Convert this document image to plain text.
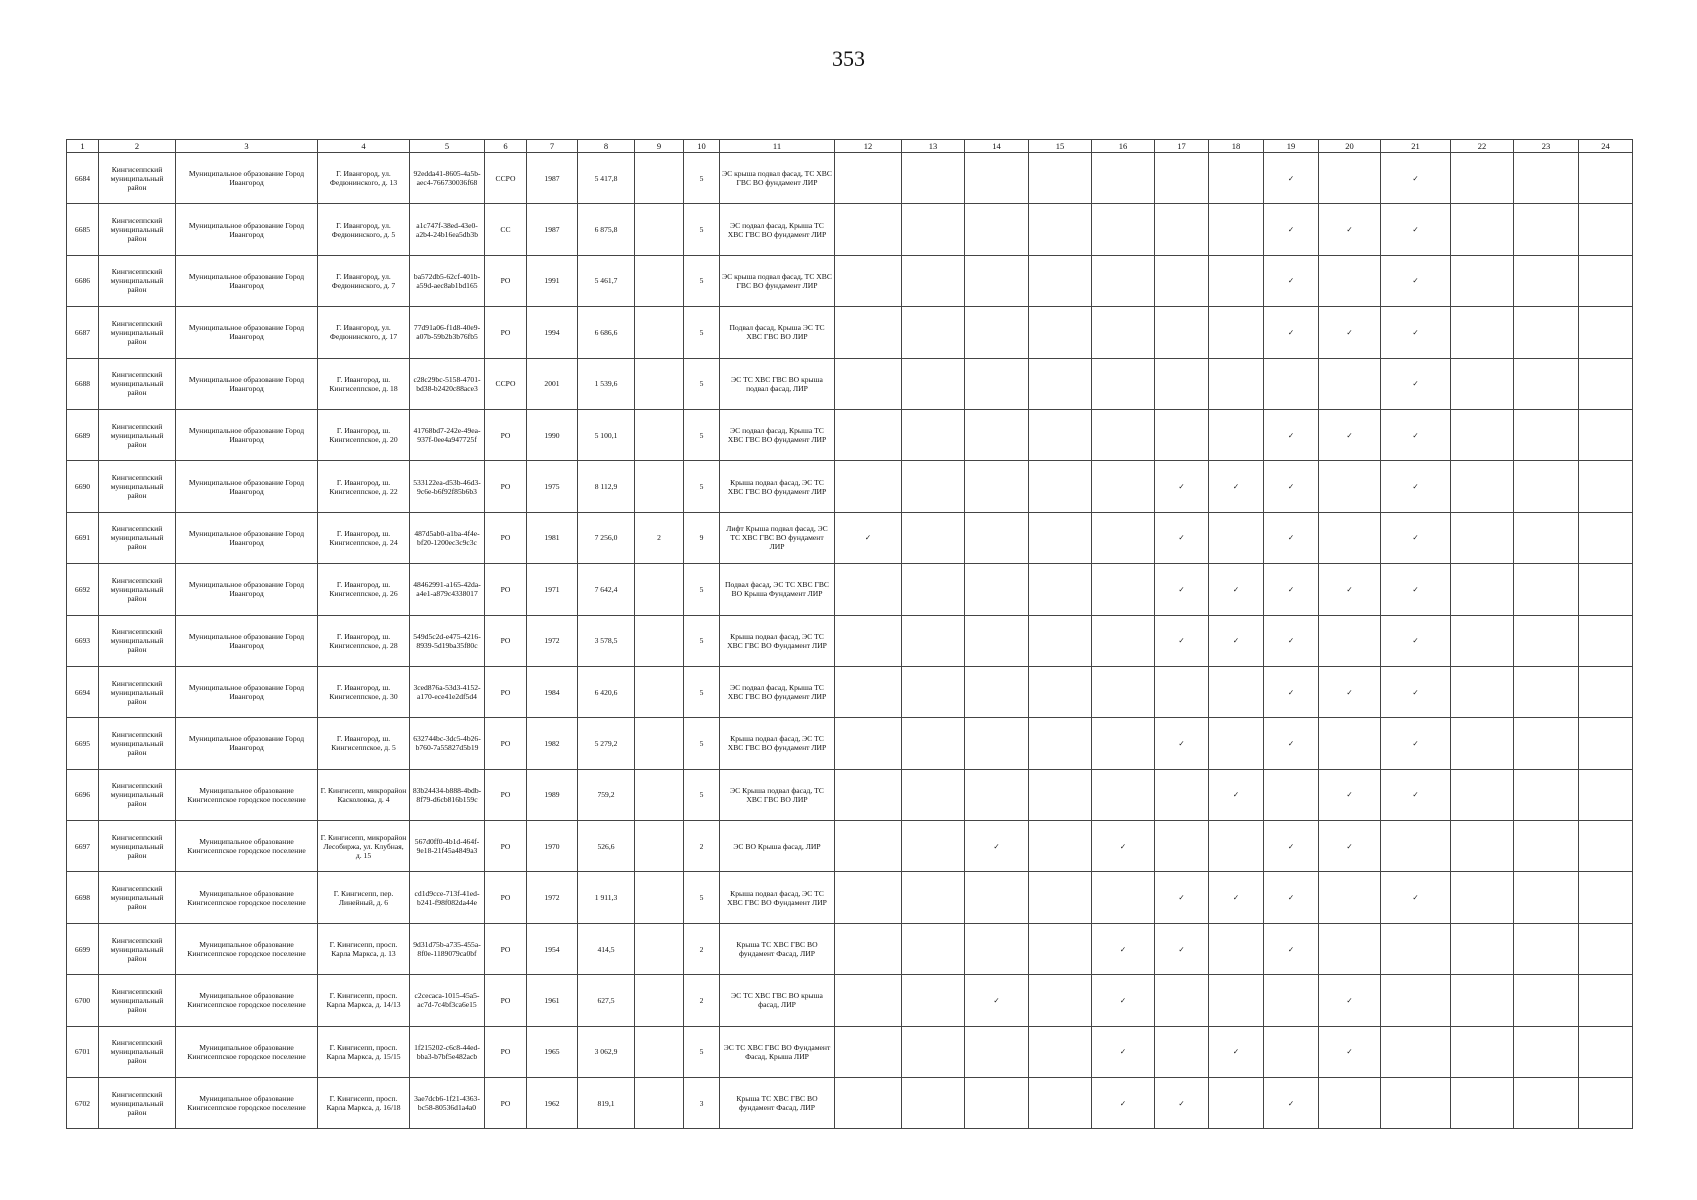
353
1	2	3	4	5	6	7	8	9	10	11	12	13	14	15	16	17	18	19	20	21	22	23	24
6684	Кингисеппский муниципальный район	Муниципальное образование Город Ивангород	Г. Ивангород, ул. Федюнинского, д. 13	92edda41-8605-4a5b-aec4-766730036f68	ССРО	1987	5 417,8		5	ЭС крыша подвал фасад, ТС ХВС ГВС ВО фундамент ЛИР								✓		✓			
6685	Кингисеппский муниципальный район	Муниципальное образование Город Ивангород	Г. Ивангород, ул. Федюнинского, д. 5	a1c747f-38ed-43e0-a2b4-24b16ea5db3b	СС	1987	6 875,8		5	ЭС подвал фасад, Крыша ТС ХВС ГВС ВО фундамент ЛИР								✓	✓	✓			
6686	Кингисеппский муниципальный район	Муниципальное образование Город Ивангород	Г. Ивангород, ул. Федюнинского, д. 7	ba572db5-62cf-401b-a59d-aec8ab1bd165	РО	1991	5 461,7		5	ЭС крыша подвал фасад, ТС ХВС ГВС ВО фундамент ЛИР								✓		✓			
6687	Кингисеппский муниципальный район	Муниципальное образование Город Ивангород	Г. Ивангород, ул. Федюнинского, д. 17	77d91a06-f1d8-40e9-a07b-59b2b3b76fb5	РО	1994	6 686,6		5	Подвал фасад, Крыша ЭС ТС ХВС ГВС ВО ЛИР								✓	✓	✓			
6688	Кингисеппский муниципальный район	Муниципальное образование Город Ивангород	Г. Ивангород, ш. Кингисеппское, д. 18	c28c29bc-5158-4701-bd38-b2420c88ace3	ССРО	2001	1 539,6		5	ЭС ТС ХВС ГВС ВО крыша подвал фасад, ЛИР										✓			
6689	Кингисеппский муниципальный район	Муниципальное образование Город Ивангород	Г. Ивангород, ш. Кингисеппское, д. 20	41768bd7-242e-49ea-937f-0ee4a947725f	РО	1990	5 100,1		5	ЭС подвал фасад, Крыша ТС ХВС ГВС ВО фундамент ЛИР								✓	✓	✓			
6690	Кингисеппский муниципальный район	Муниципальное образование Город Ивангород	Г. Ивангород, ш. Кингисеппское, д. 22	533122ea-d53b-46d3-9c6e-b6f92f85b6b3	РО	1975	8 112,9		5	Крыша подвал фасад, ЭС ТС ХВС ГВС ВО фундамент ЛИР						✓	✓	✓		✓			
6691	Кингисеппский муниципальный район	Муниципальное образование Город Ивангород	Г. Ивангород, ш. Кингисеппское, д. 24	487d5ab0-a1ba-4f4e-bf20-1200ec3c9c3c	РО	1981	7 256,0	2	9	Лифт Крыша подвал фасад, ЭС ТС ХВС ГВС ВО фундамент ЛИР	✓					✓		✓		✓			
6692	Кингисеппский муниципальный район	Муниципальное образование Город Ивангород	Г. Ивангород, ш. Кингисеппское, д. 26	48462991-a165-42da-a4e1-a879c4338017	РО	1971	7 642,4		5	Подвал фасад, ЭС ТС ХВС ГВС ВО Крыша Фундамент ЛИР						✓	✓	✓	✓	✓			
6693	Кингисеппский муниципальный район	Муниципальное образование Город Ивангород	Г. Ивангород, ш. Кингисеппское, д. 28	549d5c2d-e475-4216-8939-5d19ba35f80c	РО	1972	3 578,5		5	Крыша подвал фасад, ЭС ТС ХВС ГВС ВО Фундамент ЛИР						✓	✓	✓		✓			
6694	Кингисеппский муниципальный район	Муниципальное образование Город Ивангород	Г. Ивангород, ш. Кингисеппское, д. 30	3ced876a-53d3-4152-a170-ece41e2df5d4	РО	1984	6 420,6		5	ЭС подвал фасад, Крыша ТС ХВС ГВС ВО фундамент ЛИР								✓	✓	✓			
6695	Кингисеппский муниципальный район	Муниципальное образование Город Ивангород	Г. Ивангород, ш. Кингисеппское, д. 5	632744bc-3dc5-4b26-b760-7a55827d5b19	РО	1982	5 279,2		5	Крыша подвал фасад, ЭС ТС ХВС ГВС ВО фундамент ЛИР						✓		✓		✓			
6696	Кингисеппский муниципальный район	Муниципальное образование Кингисеппское городское поселение	Г. Кингисепп, микрорайон Касколовка, д. 4	83b24434-b888-4bdb-8f79-d6cb816b159c	РО	1989	759,2		5	ЭС Крыша подвал фасад, ТС ХВС ГВС ВО ЛИР							✓		✓	✓			
6697	Кингисеппский муниципальный район	Муниципальное образование Кингисеппское городское поселение	Г. Кингисепп, микрорайон Лесобиржа, ул. Клубная, д. 15	567d0ff0-4b1d-464f-9e18-21f45a4849a3	РО	1970	526,6		2	ЭС ВО Крыша фасад, ЛИР			✓		✓			✓	✓				
6698	Кингисеппский муниципальный район	Муниципальное образование Кингисеппское городское поселение	Г. Кингисепп, пер. Линейный, д. 6	cd1d9cce-713f-41ed-b241-f98f082da44e	РО	1972	1 911,3		5	Крыша подвал фасад, ЭС ТС ХВС ГВС ВО Фундамент ЛИР						✓	✓	✓		✓			
6699	Кингисеппский муниципальный район	Муниципальное образование Кингисеппское городское поселение	Г. Кингисепп, просп. Карла Маркса, д. 13	9d31d75b-a735-455a-8f0e-1189079ca0bf	РО	1954	414,5		2	Крыша ТС ХВС ГВС ВО фундамент Фасад, ЛИР					✓	✓		✓					
6700	Кингисеппский муниципальный район	Муниципальное образование Кингисеппское городское поселение	Г. Кингисепп, просп. Карла Маркса, д. 14/13	c2cecaca-1015-45a5-ac7d-7c4bf3ca6e15	РО	1961	627,5		2	ЭС ТС ХВС ГВС ВО крыша фасад, ЛИР			✓		✓				✓				
6701	Кингисеппский муниципальный район	Муниципальное образование Кингисеппское городское поселение	Г. Кингисепп, просп. Карла Маркса, д. 15/15	1f215202-c6c8-44ed-bba3-b7bf5e482acb	РО	1965	3 062,9		5	ЭС ТС ХВС ГВС ВО Фундамент Фасад, Крыша ЛИР					✓		✓		✓				
6702	Кингисеппский муниципальный район	Муниципальное образование Кингисеппское городское поселение	Г. Кингисепп, просп. Карла Маркса, д. 16/18	3ae7dcb6-1f21-4363-bc58-80536d1a4a0	РО	1962	819,1		3	Крыша ТС ХВС ГВС ВО фундамент Фасад, ЛИР					✓	✓		✓					
